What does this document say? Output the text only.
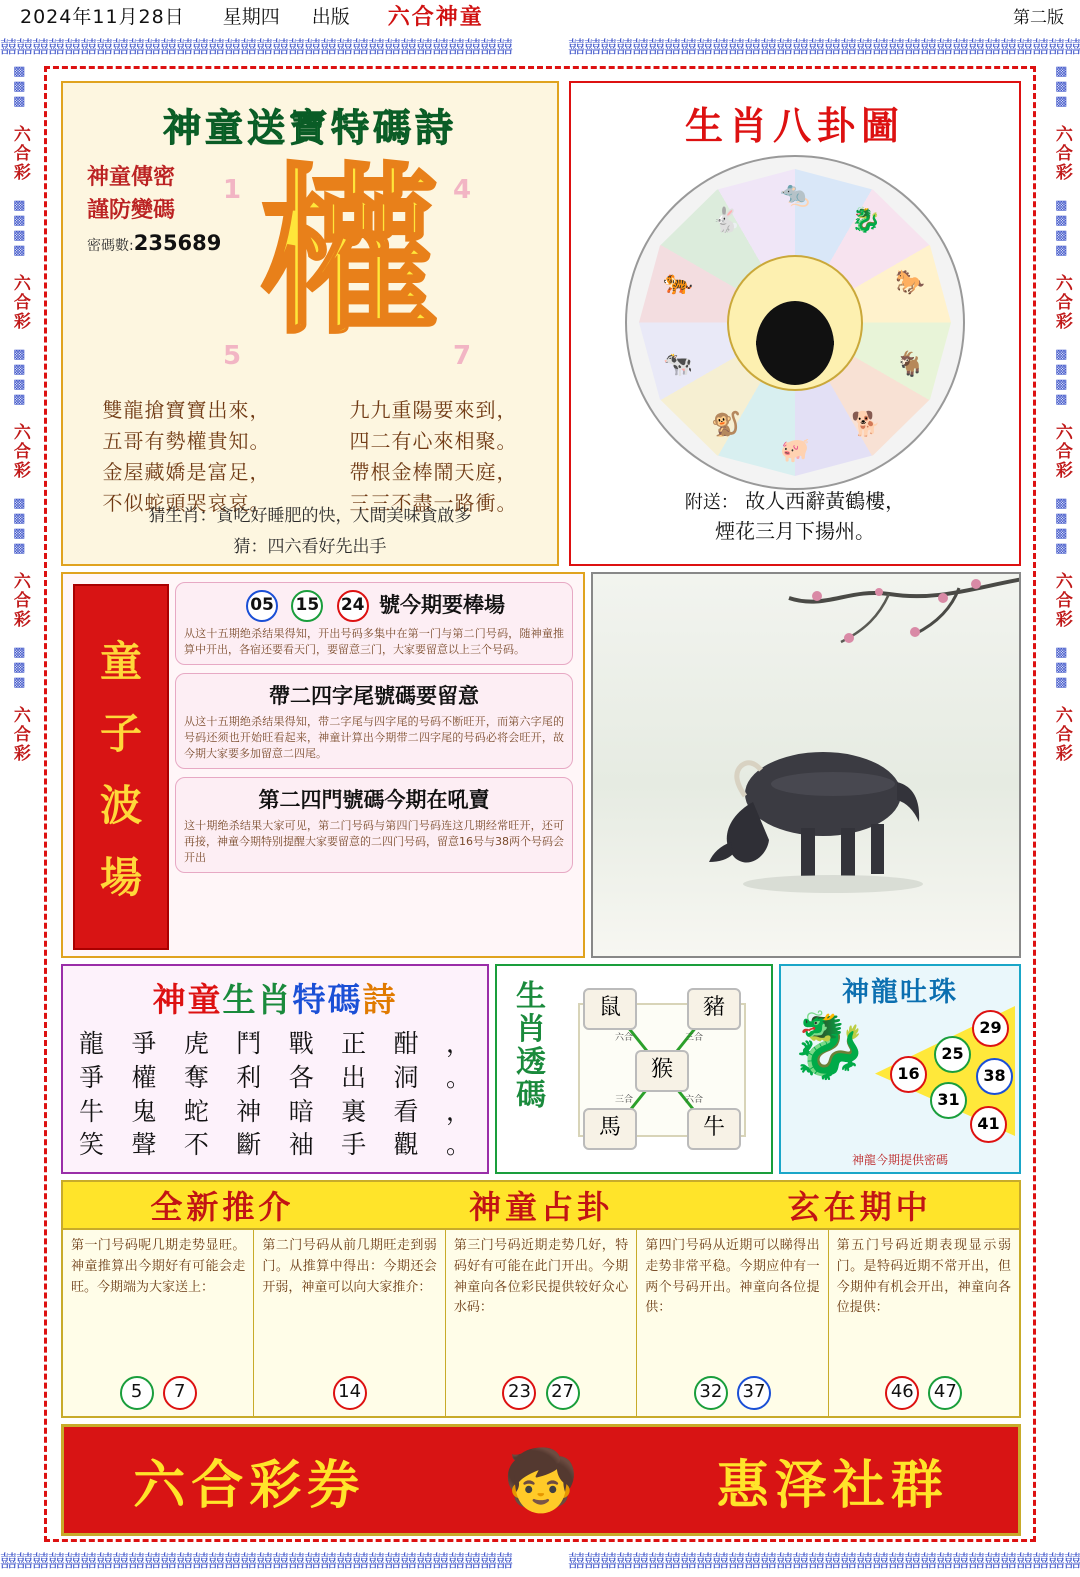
2024年11月28日 星期四 出版 六合神童	第二版
囍囍囍囍囍囍囍囍囍囍囍囍囍囍囍囍囍囍囍囍囍囍囍囍囍囍囍囍囍囍囍囍	囍囍囍囍囍囍囍囍囍囍囍囍囍囍囍囍囍囍囍囍囍囍囍囍囍囍囍囍囍囍囍囍
囍囍囍囍囍囍囍囍囍囍囍囍囍囍囍囍囍囍囍囍囍囍囍囍囍囍囍囍囍囍囍囍	囍囍囍囍囍囍囍囍囍囍囍囍囍囍囍囍囍囍囍囍囍囍囍囍囍囍囍囍囍囍囍囍
▩▩▩
六合彩
▩▩▩▩
六合彩
▩▩▩▩
六合彩
▩▩▩▩
六合彩
▩▩▩
六合彩
▩▩▩
六合彩
▩▩▩▩
六合彩
▩▩▩▩
六合彩
▩▩▩▩
六合彩
▩▩▩
六合彩
神童送寶特碼詩
神童傳密
謹防變碼
密碼數:235689 權
1	4
5	7
雙龍搶寶寶出來，
五哥有勢權貴知。
金屋藏嬌是富足，
不似蛇頭哭哀哀。
九九重陽要來到，
四二有心來相聚。
帶根金棒鬧天庭，
三三不盡一路衝。
猜生肖：貪吃好睡肥的快，人間美味貪啟多
猜：四六看好先出手
生肖八卦圖
🐀
🐉
🐎
🐐
🐕
🐖
🐒
🐄
🐅
🐇
附送： 故人西辭黃鶴樓，
煙花三月下揚州。
童
子
波
場
05 15 24 號今期要棒場
从这十五期绝杀结果得知，开出号码多集中在第一门与第二门号码，随神童推算中开出，各宿还要看天门，要留意三门，大家要留意以上三个号码。
帶二四字尾號碼要留意
从这十五期绝杀结果得知，带二字尾与四字尾的号码不断旺开，而第六字尾的号码还须也开始旺看起来，神童计算出今期带二四字尾的号码必将会旺开，故今期大家要多加留意二四尾。
第二四門號碼今期在吼賣
这十期绝杀结果大家可见，第二门号码与第四门号码连这几期经常旺开，还可再接，神童今期特别提醒大家要留意的二四门号码，留意16号与38两个号码会开出
神童生肖特碼詩
龍 爭 虎 鬥 戰 正 酣 ，
爭 權 奪 利 各 出 洞 。
牛 鬼 蛇 神 暗 裏 看 ，
笑 聲 不 斷 袖 手 觀 。
生
肖
透
碼
鼠	豬
猴
馬	牛
六合	三合
三合	六合
神龍吐珠
🐉	29
25
38
16
31
41
神龍今期提供密碼
全新推介	神童占卦	玄在期中
第一门号码呢几期走势显旺。神童推算出今期好有可能会走旺。今期端为大家送上：
5 7
第二门号码从前几期旺走到弱门。从推算中得出：今期还会开弱，神童可以向大家推介：
14
第三门号码近期走势几好，特码好有可能在此门开出。今期神童向各位彩民提供较好众心水码：
23 27
第四门号码从近期可以睇得出走势非常平稳。今期应仲有一两个号码开出。神童向各位提供：
32 37
第五门号码近期表现显示弱门。是特码近期不常开出，但今期仲有机会开出，神童向各位提供：
46 47
六合彩券 🧒	惠泽社群
